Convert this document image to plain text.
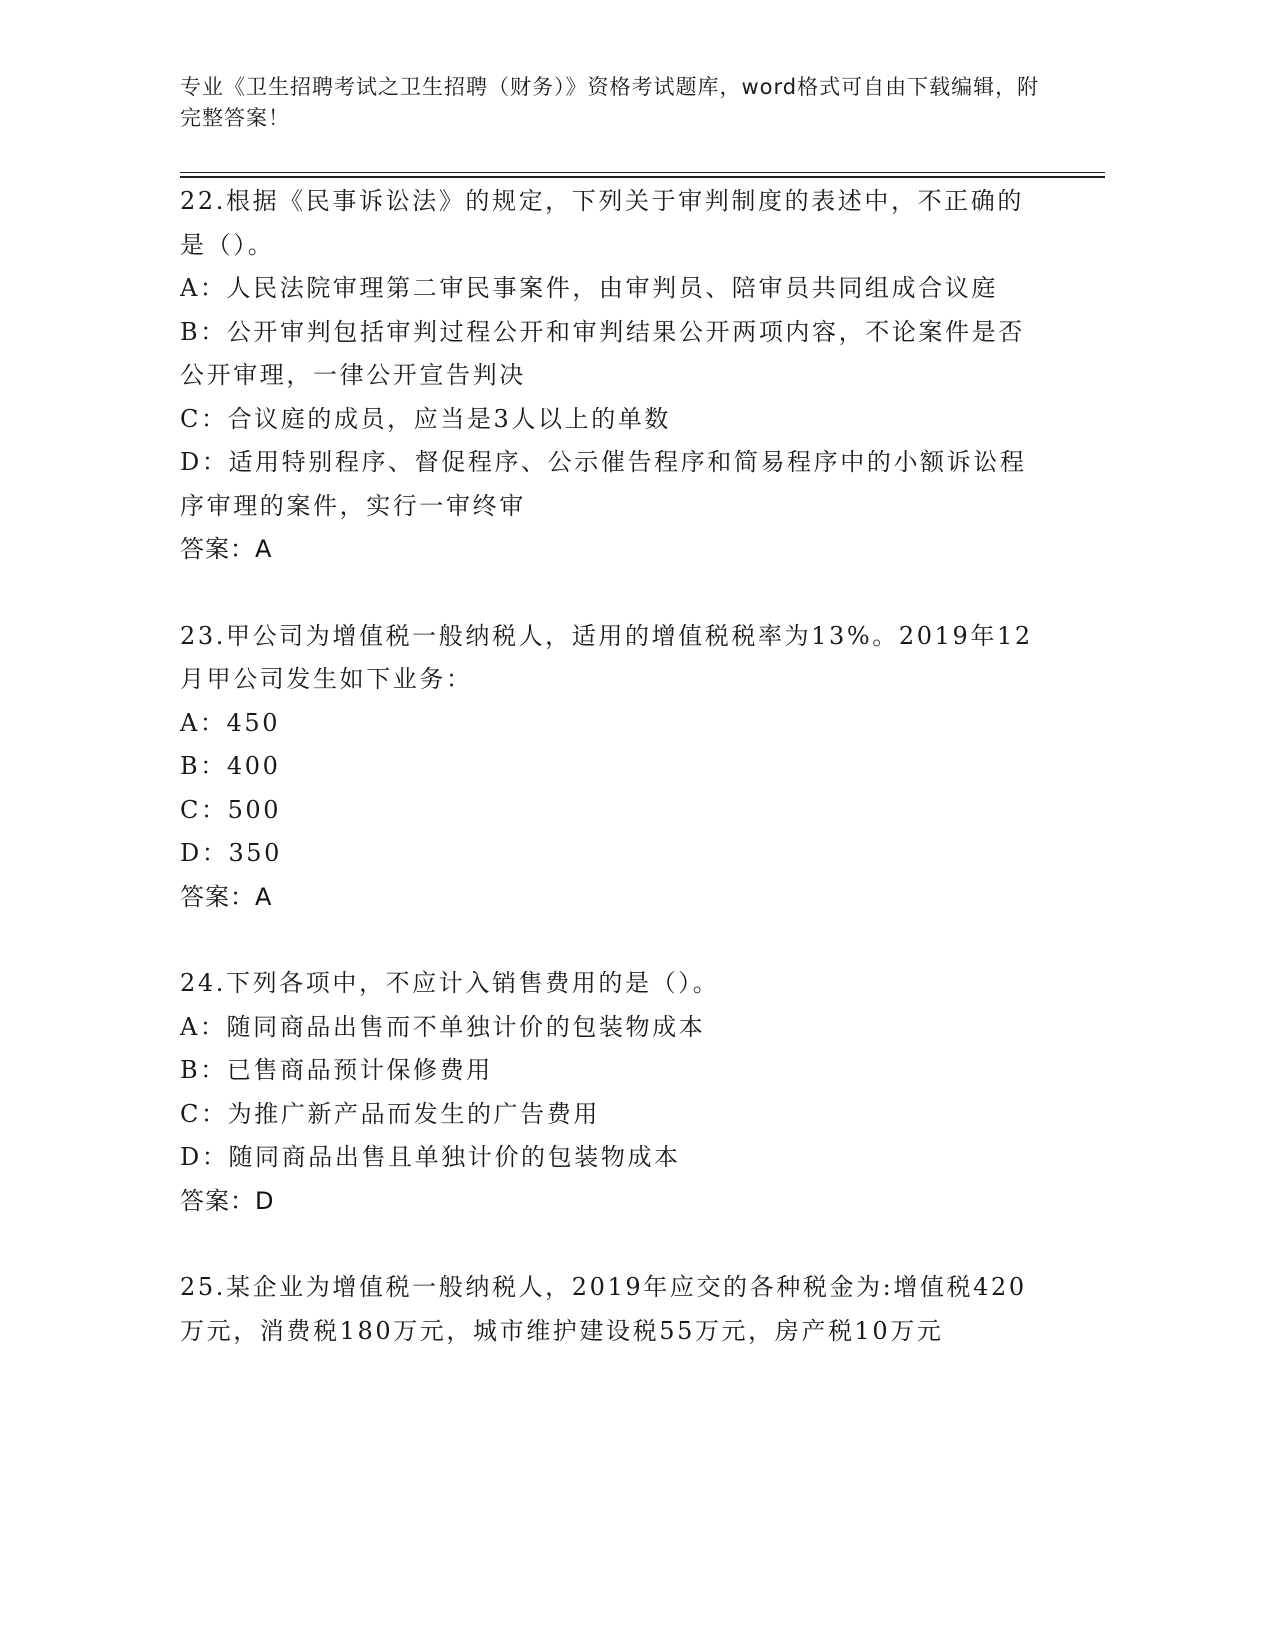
专业《卫生招聘考试之卫生招聘（财务）》资格考试题库，word格式可自由下载编辑，附完整答案！

22.根据《民事诉讼法》的规定，下列关于审判制度的表述中，不正确的是（）。

A：人民法院审理第二审民事案件，由审判员、陪审员共同组成合议庭

B：公开审判包括审判过程公开和审判结果公开两项内容，不论案件是否公开审理，一律公开宣告判决

C：合议庭的成员，应当是3人以上的单数

D：适用特别程序、督促程序、公示催告程序和简易程序中的小额诉讼程序审理的案件，实行一审终审

答案：A

23.甲公司为增值税一般纳税人，适用的增值税税率为13%。2019年12月甲公司发生如下业务：

A：450

B：400

C：500

D：350

答案：A

24.下列各项中，不应计入销售费用的是（）。

A：随同商品出售而不单独计价的包装物成本

B：已售商品预计保修费用

C：为推广新产品而发生的广告费用

D：随同商品出售且单独计价的包装物成本

答案：D

25.某企业为增值税一般纳税人，2019年应交的各种税金为:增值税420万元，消费税180万元，城市维护建设税55万元，房产税10万元
